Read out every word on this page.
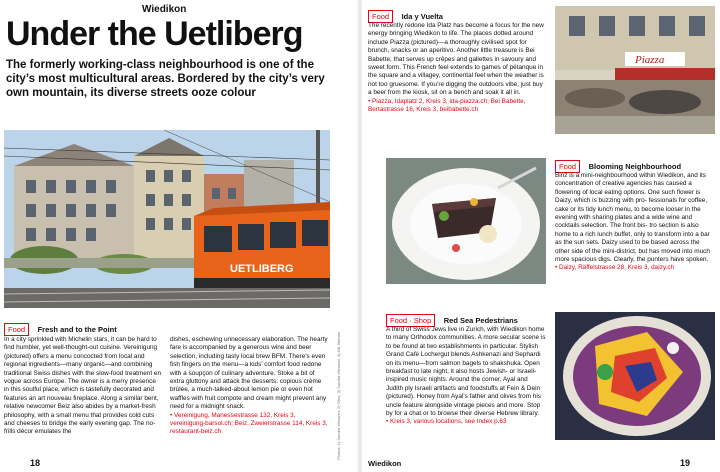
Wiedikon
Under the Uetliberg
The formerly working-class neighbourhood is one of the city’s most multicultural areas. Bordered by the city’s very own mountain, its diverse streets ooze colour
UETLIBERG
Food Fresh and to the Point
In a city sprinkled with Michelin stars, it can be hard to find humbler, yet well-thought-out cuisine. Vereinigung (pictured) offers a menu concocted from local and regional ingredients—many organic—and combining traditional Swiss dishes with the slow-food treatment en vogue across Europe. The owner is a merry presence in this soulful place, which is tastefully decorated and features an art nouveau fireplace. Along a similar bent, relative newcomer Beiz also abides by a market-fresh philosophy, with a small menu that provides cold cuts and cheeses to bridge the early evening gap. The no-frills décor emulates the
dishes, eschewing unnecessary elaboration. The hearty fare is accompanied by a generous wine and beer selection, including tasty local brew BFM. There’s even fish fingers on the menu—a kids’ comfort food redone with a soupçon of culinary adventure. Stoke a bit of extra gluttony and attack the desserts: copious crème brûlée, a much-talked-about lemon pie or even hot waffles with fruit compote and cream might prevent any need for a midnight snack.
• Vereinigung, Manessestrasse 132, Kreis 3, vereinigung-barsol.ch; Beiz, Zweierstrasse 114, Kreis 3, restaurant-beiz.ch	Photos: 1) Sandra Wessner, 2) Ohrs, 3) Sandra Wessner, 4) Adi Strimas
18
Food Ida y Vuelta
The recently redone Ida Platz has become a focus for the new energy bringing Wiedikon to life. The places dotted around include Piazza (pictured)—a thoroughly civilised spot for brunch, snacks or an aperitivo. Another little treasure is Bei Babette, that serves up crêpes and gallettes in savoury and sweet form. This French feel extends to games of pétanque in the square and a villagey, continental feel when the weather is not too gruesome. If you’re digging the outdoors vibe, just buy a beer from the kiosk, sit on a bench and soak it all in.
• Piazza, Idaplatz 2, Kreis 3, ida-piazza.ch; Bei Babette, Bertastrasse 16, Kreis 3, beibabette.ch
Piazza
Food Blooming Neighbourhood
Binz is a mini-neighbourhood within Wiedikon, and its concentration of creative agencies has caused a flowering of local eating options. One such flower is Daizy, which is buzzing with pro- fessionals for coffee, cake or its tidy lunch menu, to become looser in the evening with sharing plates and a wide wine and cocktails selection. The front bis- tro section is also home to a rich lunch buffet, only to transform into a bar as the sun sets. Daizy used to be based across the other side of the mini-district, but has moved into much more spacious digs. Clearly, the punters have spoken.
• Daizy, Räffelstrasse 28, Kreis 3, daizy.ch
Food · Shop Red Sea Pedestrians
A third of Swiss Jews live in Zurich, with Wiedikon home to many Orthodox communities. A more secular scene is to be found at two establishments in particular. Stylish Grand Café Lochergut blends Ashkenazi and Sephardi on its menu—from salmon bagels to shakshuka. Open breakfast to late night, it also hosts Jewish- or Israeli-inspired music nights. Around the corner, Ayal and Judith ply Israeli artifacts and foodstuffs at Fein & Dein (pictured). Honey from Ayal’s father and olives from his uncle feature alongside vintage pieces and more. Stop by for a chat or to browse their diverse Hebrew library.
• Kreis 3, various locations, see Index p.63
Wiedikon	19
